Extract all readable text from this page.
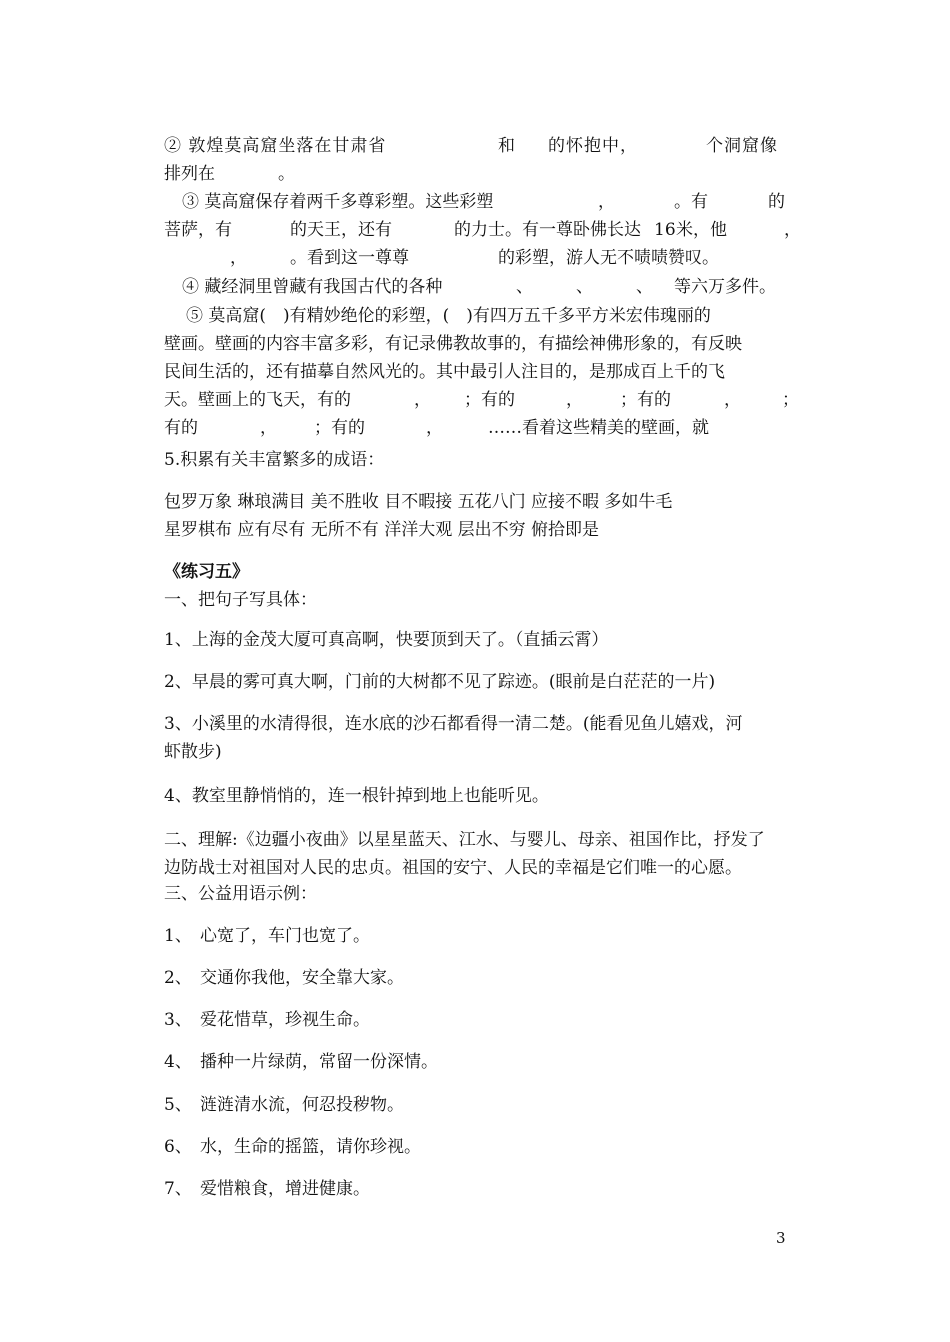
② 敦煌莫高窟坐落在甘肃省	和 的怀抱中，	个洞窟像
排列在	。
③ 莫高窟保存着两千多尊彩塑。这些彩塑	，	。有	的
菩萨，有	的天王，还有	的力士。有一尊卧佛长达 16 米，他	，
，	。看到这一尊尊	的彩塑，游人无不啧啧赞叹。
④ 藏经洞里曾藏有我国古代的各种	、	、	、 等六万多件。
⑤ 莫高窟(　)有精妙绝伦的彩塑，(　)有四万五千多平方米宏伟瑰丽的
壁画。壁画的内容丰富多彩，有记录佛教故事的，有描绘神佛形象的，有反映
民间生活的，还有描摹自然风光的。其中最引人注目的，是那成百上千的飞
天。壁画上的飞天，有的	， ；有的	， ；有的	， ；
有的	， ；有的	，	……看着这些精美的壁画，就
5.积累有关丰富繁多的成语：
包罗万象 琳琅满目 美不胜收 目不暇接 五花八门 应接不暇 多如牛毛
星罗棋布 应有尽有 无所不有 洋洋大观 层出不穷 俯拾即是
《练习五》
一、把句子写具体：
1、上海的金茂大厦可真高啊，快要顶到天了。（直插云霄）
2、早晨的雾可真大啊，门前的大树都不见了踪迹。(眼前是白茫茫的一片)
3、小溪里的水清得很，连水底的沙石都看得一清二楚。(能看见鱼儿嬉戏，河
虾散步)
4、教室里静悄悄的，连一根针掉到地上也能听见。
二、理解:《边疆小夜曲》以星星蓝天、江水、与婴儿、母亲、祖国作比，抒发了
边防战士对祖国对人民的忠贞。祖国的安宁、人民的幸福是它们唯一的心愿。
三、公益用语示例：
1、 心宽了，车门也宽了。
2、 交通你我他，安全靠大家。
3、 爱花惜草，珍视生命。
4、 播种一片绿荫，常留一份深情。
5、 涟涟清水流，何忍投秽物。
6、 水，生命的摇篮，请你珍视。
7、 爱惜粮食，增进健康。
3
